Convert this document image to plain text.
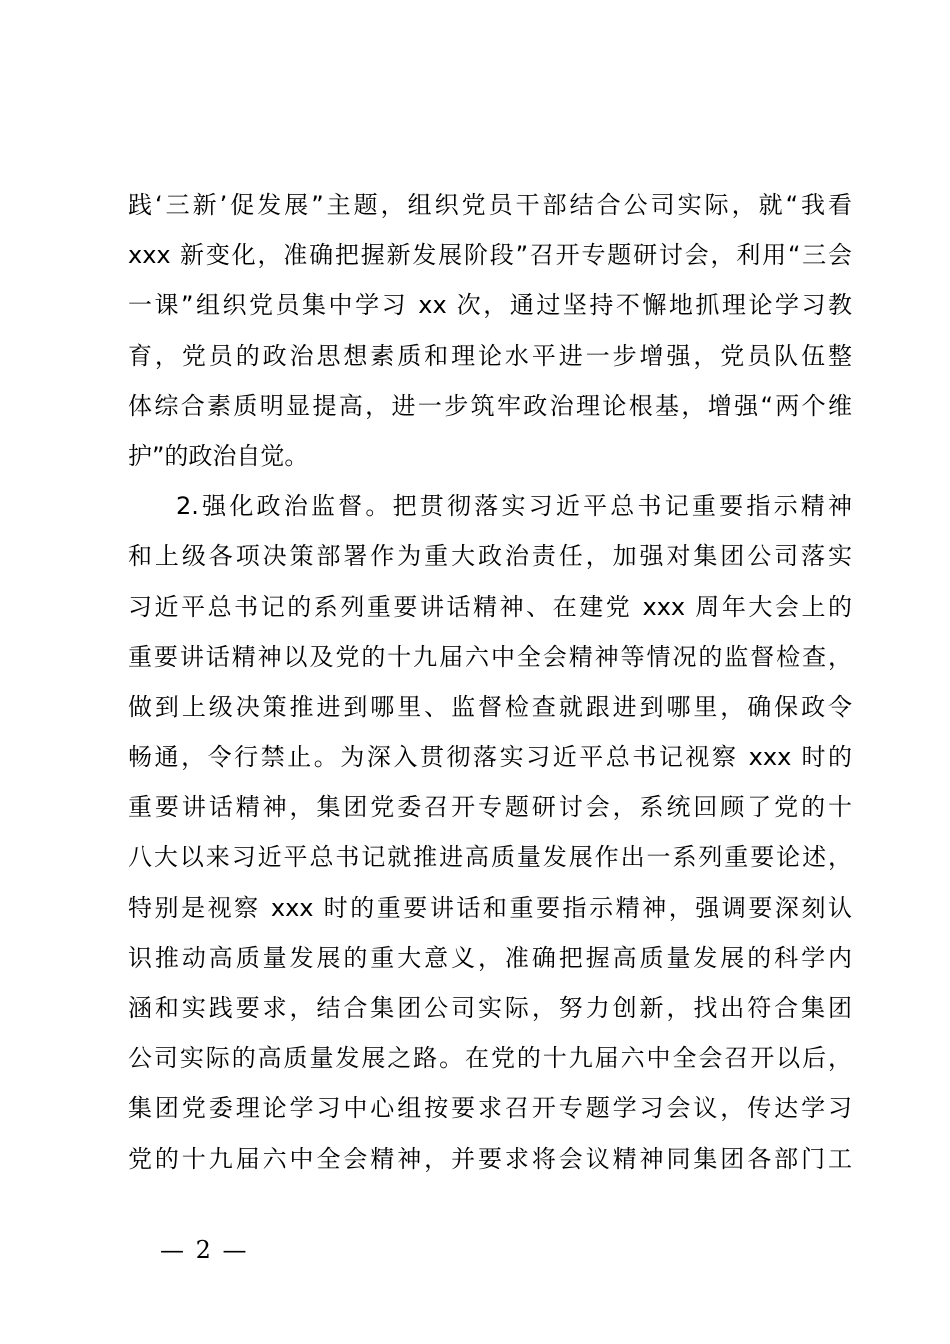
践‘三新’促发展”主题，组织党员干部结合公司实际，就“我看
xxx 新变化，准确把握新发展阶段”召开专题研讨会，利用“三会
一课”组织党员集中学习 xx 次，通过坚持不懈地抓理论学习教
育，党员的政治思想素质和理论水平进一步增强，党员队伍整
体综合素质明显提高，进一步筑牢政治理论根基，增强“两个维
护”的政治自觉。
2.强化政治监督。把贯彻落实习近平总书记重要指示精神
和上级各项决策部署作为重大政治责任，加强对集团公司落实
习近平总书记的系列重要讲话精神、在建党 xxx 周年大会上的
重要讲话精神以及党的十九届六中全会精神等情况的监督检查，
做到上级决策推进到哪里、监督检查就跟进到哪里，确保政令
畅通，令行禁止。为深入贯彻落实习近平总书记视察 xxx 时的
重要讲话精神，集团党委召开专题研讨会，系统回顾了党的十
八大以来习近平总书记就推进高质量发展作出一系列重要论述，
特别是视察 xxx 时的重要讲话和重要指示精神，强调要深刻认
识推动高质量发展的重大意义，准确把握高质量发展的科学内
涵和实践要求，结合集团公司实际，努力创新，找出符合集团
公司实际的高质量发展之路。在党的十九届六中全会召开以后，
集团党委理论学习中心组按要求召开专题学习会议，传达学习
党的十九届六中全会精神，并要求将会议精神同集团各部门工
— 2 —
